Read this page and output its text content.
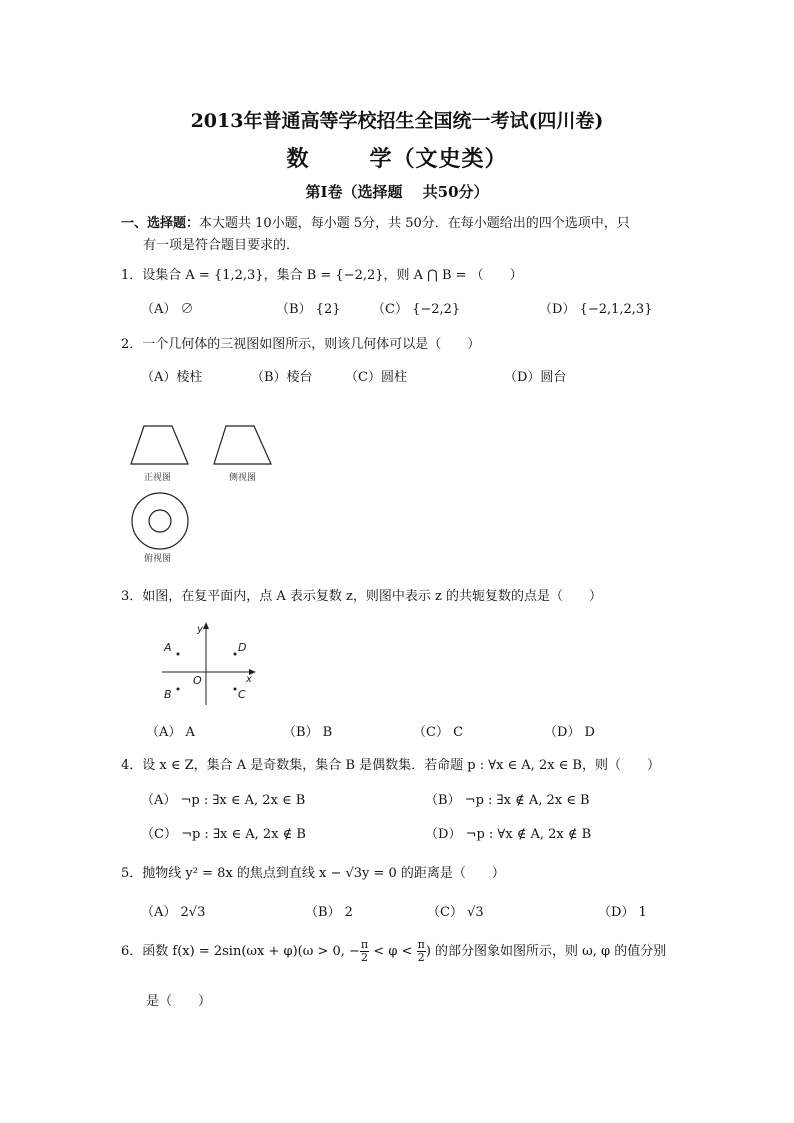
2013年普通高等学校招生全国统一考试(四川卷)
数	学（文史类）
第Ⅰ卷（选择题　 共50分）
一、选择题：本大题共 10小题，每小题 5分，共 50分．在每小题给出的四个选项中，只
有一项是符合题目要求的．
1．设集合 A = {1,2,3}，集合 B = {−2,2}，则 A ⋂ B = （　　）
（A） ∅	（B） {2} （C） {−2,2}	（D） {−2,1,2,3}
2．一个几何体的三视图如图所示，则该几何体可以是（　　）
（A）棱柱	（B）棱台 （C）圆柱	（D）圆台
正视图	侧视图
俯视图
3．如图，在复平面内，点 A 表示复数 z，则图中表示 z 的共轭复数的点是（　　）
y
x
O
A	D
B	C
（A） A	（B） B	（C） C	（D） D
4．设 x ∈ Z，集合 A 是奇数集，集合 B 是偶数集．若命题 p : ∀x ∈ A, 2x ∈ B，则（　　）
（A） ¬p : ∃x ∈ A, 2x ∈ B	（B） ¬p : ∃x ∉ A, 2x ∈ B
（C） ¬p : ∃x ∈ A, 2x ∉ B	（D） ¬p : ∀x ∉ A, 2x ∉ B
5．抛物线 y² = 8x 的焦点到直线 x − √3y = 0 的距离是（　　）
（A） 2√3	（B） 2	（C） √3	（D） 1
6．函数 f(x) = 2sin(ωx + φ)(ω > 0, − $\frac{\pi}{2} < \varphi < \frac{\pi}{2}$ ) 的部分图象如图所示，则 ω, φ 的值分别
是（　　）
